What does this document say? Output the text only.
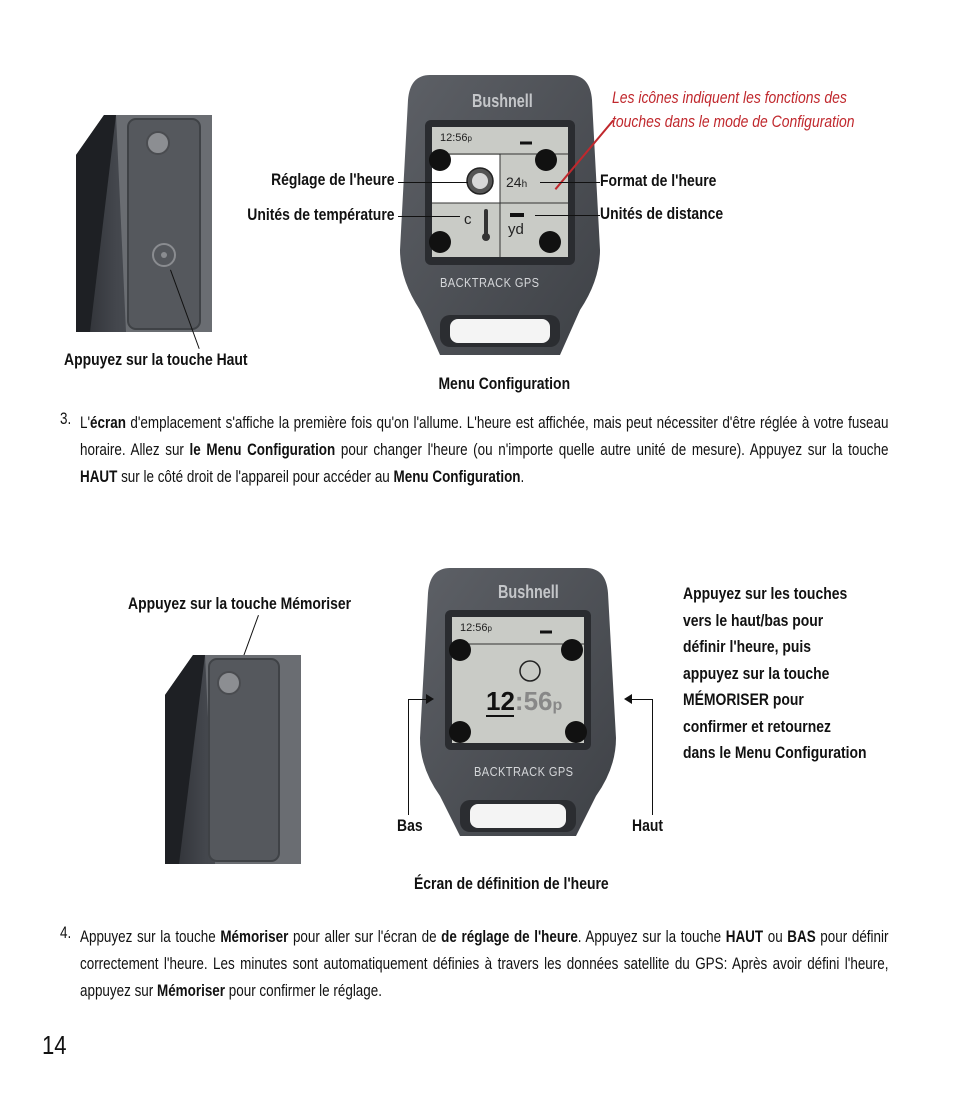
Appuyez sur la touche Haut
Bushnell
12:56p
24h
c
yd
BACKTRACK GPS
Les icônes indiquent les fonctions des
touches dans le mode de Configuration
Réglage de l'heure
Unités de température
Format de l'heure
Unités de distance
Menu Configuration
3. L'écran d'emplacement s'affiche la première fois qu'on l'allume. L'heure est affichée, mais peut nécessiter d'être réglée à votre fuseau horaire. Allez sur le Menu Configuration pour changer l'heure (ou n'importe quelle autre unité de mesure). Appuyez sur la touche HAUT sur le côté droit de l'appareil pour accéder au Menu Configuration.
Appuyez sur la touche Mémoriser
Bushnell
12:56p
12:56p
BACKTRACK GPS
Bas	Haut
Appuyez sur les touches
vers le haut/bas pour
définir l'heure, puis
appuyez sur la touche
MÉMORISER pour
confirmer et retournez
dans le Menu Configuration
Écran de définition de l'heure
4. Appuyez sur la touche Mémoriser pour aller sur l'écran de de réglage de l'heure. Appuyez sur la touche HAUT ou BAS pour définir correctement l'heure. Les minutes sont automatiquement définies à travers les données satellite du GPS: Après avoir défini l'heure, appuyez sur Mémoriser pour confirmer le réglage.
14
